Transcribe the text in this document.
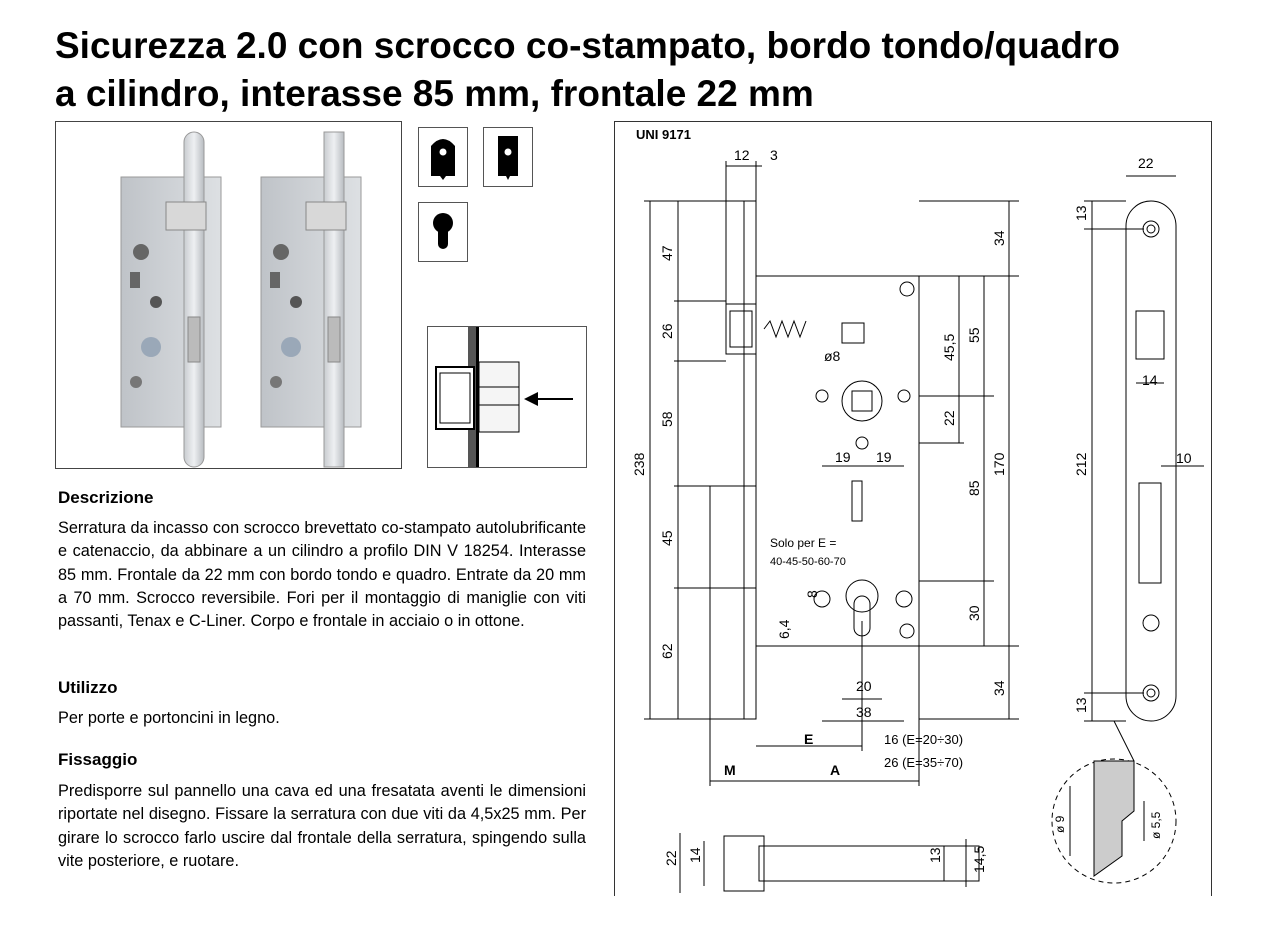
Sicurezza 2.0 con scrocco co-stampato, bordo tondo/quadro
a cilindro, interasse 85 mm, frontale 22 mm
Descrizione
Serratura da incasso con scrocco brevettato co-stampato autolubrificante e catenaccio, da abbinare a un cilindro a profilo DIN V 18254. Interasse 85 mm. Frontale da 22 mm con bordo tondo e quadro. Entrate da 20 mm a 70 mm. Scrocco reversibile. Fori per il montaggio di maniglie con viti passanti, Tenax e C-Liner. Corpo e frontale in acciaio o in ottone.
Utilizzo
Per porte e portoncini in legno.
Fissaggio
Predisporre sul pannello una cava ed una fresatata aventi le dimensioni riportate nel disegno. Fissare la serratura con due viti da 4,5x25 mm. Per girare lo scrocco farlo uscire dal frontale della serratura, spingendo sulla vite posteriore, e ruotare.
UNI 9171
12 3
47
26
58
238
45
62
34
55
45,5
ø8
22
19 19	170
85
30
34
8
6,4
20
38
E	16 (E=20÷30)
26 (E=35÷70)
M	A
Solo per E =
40-45-50-60-70
22
13
14
212	10
13
22 14	13 14,5
ø 9	ø 5,5
